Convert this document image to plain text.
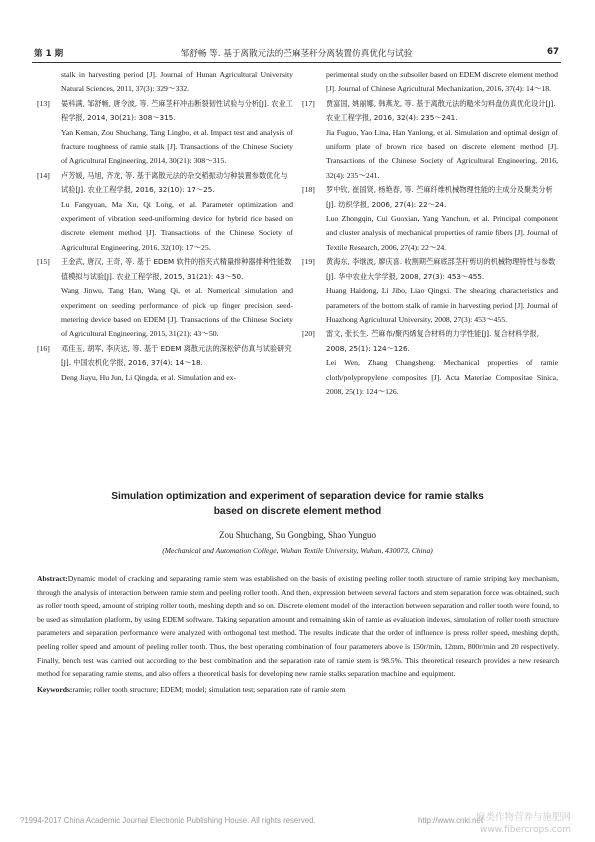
第 1 期	邹舒畅 等. 基于离散元法的苎麻茎秆分离装置仿真优化与试验	67
stalk in harvesting period [J]. Journal of Hunan Agricultural University Natural Sciences, 2011, 37(3): 329～332.
[13]	晏科满, 邹舒畅, 唐令波, 等. 苎麻茎秆冲击断裂韧性试验与分析[J]. 农业工程学报, 2014, 30(21): 308～315.
Yan Keman, Zou Shuchang, Tang Lingbo, et al. Impact test and analysis of fracture toughness of ramie stalk [J]. Transactions of the Chinese Society of Agricultural Engineering, 2014, 30(21): 308～315.
[14]	卢芳媛, 马旭, 齐龙, 等. 基于离散元法的杂交稻振动匀种装置参数优化与试验[J]. 农业工程学报, 2016, 32(10): 17～25.
Lu Fangyuan, Ma Xu, Qi Long, et al. Parameter optimization and experiment of vibration seed-uniforming device for hybrid rice based on discrete element method [J]. Transactions of the Chinese Society of Agricultural Engineering, 2016, 32(10): 17～25.
[15]	王金武, 唐汉, 王奇, 等. 基于 EDEM 软件的指夹式精量排种器排种性能数值模拟与试验[J]. 农业工程学报, 2015, 31(21): 43～50.
Wang Jinwu, Tang Han, Wang Qi, et al. Numerical simulation and experiment on seeding performance of pick up finger precision seed-metering device based on EDEM [J]. Transactions of the Chinese Society of Agricultural Engineering, 2015, 31(21): 43～50.
[16]	邓佳玉, 胡军, 李庆达, 等. 基于 EDEM 离散元法的深松铲仿真与试验研究[J]. 中国农机化学报, 2016, 37(4): 14～18.
Deng Jiayu, Hu Jun, Li Qingda, et al. Simulation and ex-
perimental study on the subsoiler based on EDEM discrete element method [J]. Journal of Chinese Agricultural Mechanization, 2016, 37(4): 14～18.
[17]	贾富国, 姚丽娜, 韩燕龙, 等. 基于离散元法的糙米匀料盘仿真优化设计[J]. 农业工程学报, 2016, 32(4): 235～241.
Jia Fuguo, Yao Lina, Han Yanlong, et al. Simulation and optimal design of uniform plate of brown rice based on discrete element method [J]. Transactions of the Chinese Society of Agricultural Engineering, 2016, 32(4): 235～241.
[18]	罗中钦, 崔国贤, 杨艳春, 等. 苎麻纤维机械物理性能的主成分及聚类分析[J]. 纺织学报, 2006, 27(4): 22～24.
Luo Zhongqin, Cui Guoxian, Yang Yanchun, et al. Principal component and cluster analysis of mechanical properties of ramie fibers [J]. Journal of Textile Research, 2006, 27(4): 22～24.
[19]	黄海东, 李继波, 廖庆喜. 收割期苎麻底部茎秆剪切的机械物理特性与参数[J]. 华中农业大学学报, 2008, 27(3): 453～455.
Huang Haidong, Li Jibo, Liao Qingxi. The shearing characteristics and parameters of the bottom stalk of ramie in harvesting period [J]. Journal of Huazhong Agricultural University, 2008, 27(3): 453～455.
[20]	雷文, 张长生. 苎麻布/聚丙烯复合材料的力学性能[J]. 复合材料学报, 2008, 25(1): 124～126.
Lei Wen, Zhang Changsheng. Mechanical properties of ramie cloth/polypropylene composites [J]. Acta Materiae Compositae Sinica, 2008, 25(1): 124～126.
Simulation optimization and experiment of separation device for ramie stalks
based on discrete element method
Zou Shuchang, Su Gongbing, Shao Yunguo
(Mechanical and Automation College, Wuhan Textile University, Wuhan, 430073, China)
Abstract:Dynamic model of cracking and separating ramie stem was established on the basis of existing peeling roller tooth structure of ramie striping key mechanism, through the analysis of interaction between ramie stem and peeling roller tooth. And then, expression between several factors and stem separation force was obtained, such as roller tooth speed, amount of striping roller tooth, meshing depth and so on. Discrete element model of the interaction between separation and roller tooth were found, to be used as simulation platform, by using EDEM software. Taking separation amount and remaining skin of ramie as evaluation indexes, simulation of roller tooth structure parameters and separation performance were analyzed with orthogonal test method. The results indicate that the order of influence is press roller speed, meshing depth, peeling roller speed and amount of peeling roller tooth. Thus, the best operating combination of four parameters above is 150r/min, 12mm, 800r/min and 20 respectively. Finally, bench test was carried out according to the best combination and the separation rate of ramie stem is 98.5%. This theoretical research provides a new research method for separating ramie stems, and also offers a theoretical basis for developing new ramie stalks separation machine and equipment.
Keywords:ramie; roller tooth structure; EDEM; model; simulation test; separation rate of ramie stem
?1994-2017 China Academic Journal Electronic Publishing House. All rights reserved.	http://www.cnki.net
麻类作物营养与施肥网
www.fibercrops.com
